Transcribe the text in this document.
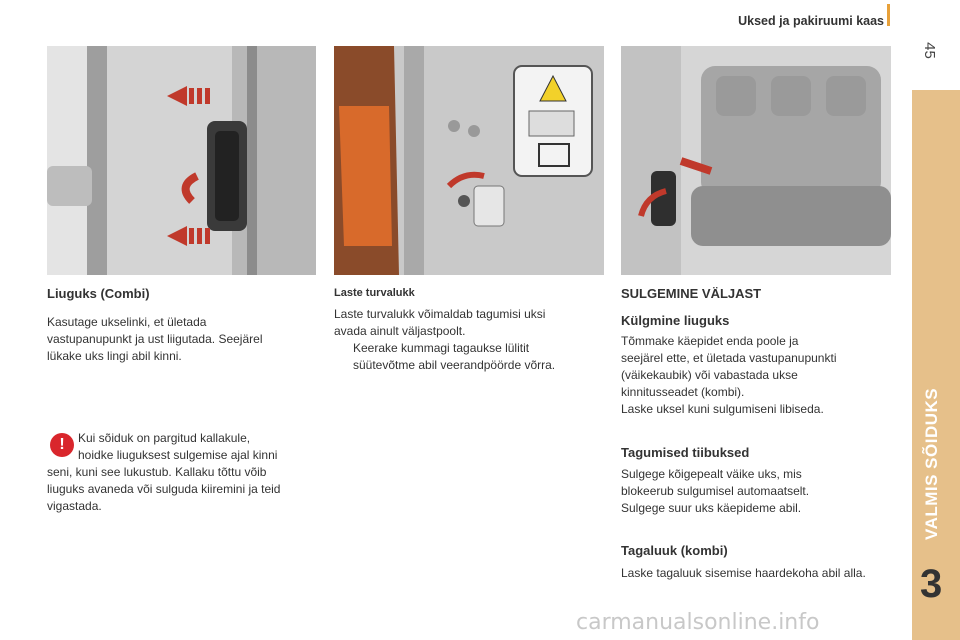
Uksed ja pakiruumi kaas
45
VALMIS SÕIDUKS
3
Liuguks (Combi)
Kasutage ukselinki, et ületada
vastupanupunkt ja ust liigutada. Seejärel
lükake uks lingi abil kinni.
!	Kui sõiduk on pargitud kallakule,
hoidke liuguksest sulgemise ajal kinni
seni, kuni see lukustub. Kallaku tõttu võib
liuguks avaneda või sulguda kiiremini ja teid
vigastada.
Laste turvalukk
Laste turvalukk võimaldab tagumisi uksi
avada ainult väljastpoolt.
Keerake kummagi tagaukse lülitit
süütevõtme abil veerandpöörde võrra.
SULGEMINE VÄLJAST
Külgmine liuguks
Tõmmake käepidet enda poole ja
seejärel ette, et ületada vastupanupunkti
(väikekaubik) või vabastada ukse
kinnitusseadet (kombi).
Laske uksel kuni sulgumiseni libiseda.
Tagumised tiibuksed
Sulgege kõigepealt väike uks, mis
blokeerub sulgumisel automaatselt.
Sulgege suur uks käepideme abil.
Tagaluuk (kombi)
Laske tagaluuk sisemise haardekoha abil alla.
carmanualsonline.info
